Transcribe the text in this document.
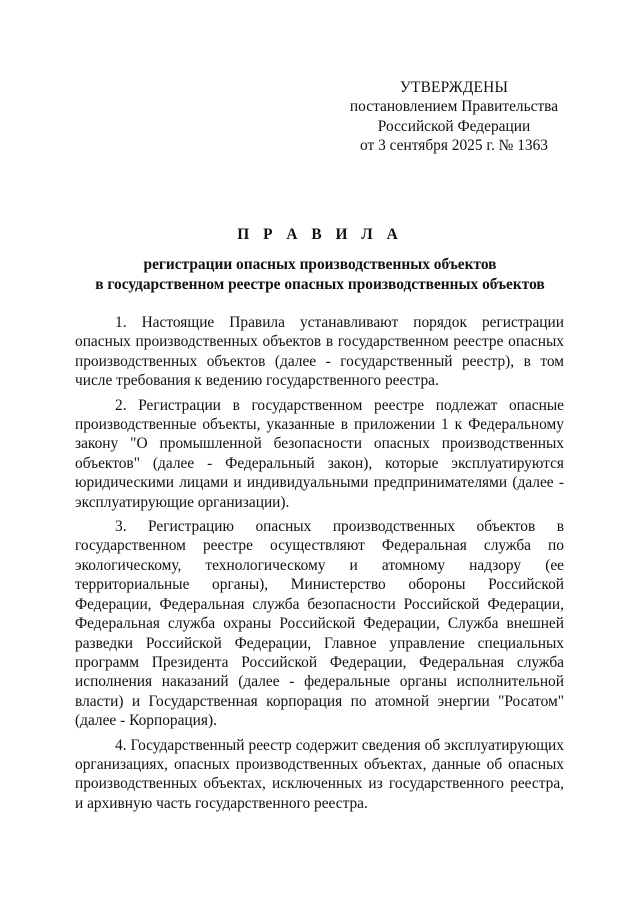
УТВЕРЖДЕНЫ
постановлением Правительства
Российской Федерации
от 3 сентября 2025 г. № 1363
П Р А В И Л А
регистрации опасных производственных объектов
в государственном реестре опасных производственных объектов

1. Настоящие Правила устанавливают порядок регистрации опасных производственных объектов в государственном реестре опасных производственных объектов (далее - государственный реестр), в том числе требования к ведению государственного реестра.

2. Регистрации в государственном реестре подлежат опасные производственные объекты, указанные в приложении 1 к Федеральному закону "О промышленной безопасности опасных производственных объектов" (далее - Федеральный закон), которые эксплуатируются юридическими лицами и индивидуальными предпринимателями (далее - эксплуатирующие организации).

3. Регистрацию опасных производственных объектов в государственном реестре осуществляют Федеральная служба по экологическому, технологическому и атомному надзору (ее территориальные органы), Министерство обороны Российской Федерации, Федеральная служба безопасности Российской Федерации, Федеральная служба охраны Российской Федерации, Служба внешней разведки Российской Федерации, Главное управление специальных программ Президента Российской Федерации, Федеральная служба исполнения наказаний (далее - федеральные органы исполнительной власти) и Государственная корпорация по атомной энергии "Росатом" (далее - Корпорация).

4. Государственный реестр содержит сведения об эксплуатирующих организациях, опасных производственных объектах, данные об опасных производственных объектах, исключенных из государственного реестра, и архивную часть государственного реестра.
